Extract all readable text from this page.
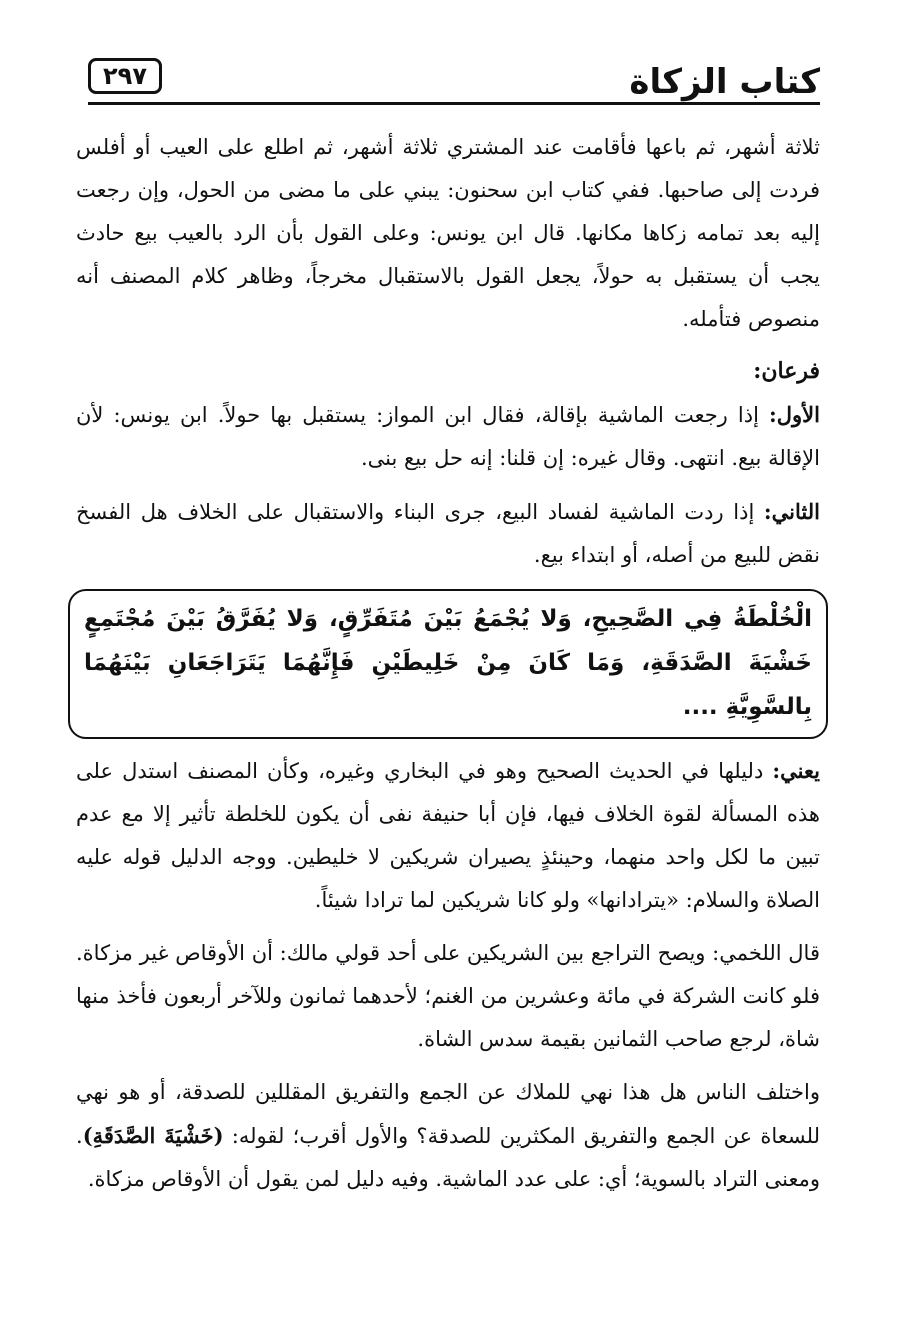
كتاب الزكاة
٢٩٧

ثلاثة أشهر، ثم باعها فأقامت عند المشتري ثلاثة أشهر، ثم اطلع على العيب أو أفلس فردت إلى صاحبها. ففي كتاب ابن سحنون: يبني على ما مضى من الحول، وإن رجعت إليه بعد تمامه زكاها مكانها. قال ابن يونس: وعلى القول بأن الرد بالعيب بيع حادث يجب أن يستقبل به حولاً، يجعل القول بالاستقبال مخرجاً، وظاهر كلام المصنف أنه منصوص فتأمله.

فرعان:

الأول: إذا رجعت الماشية بإقالة، فقال ابن المواز: يستقبل بها حولاً. ابن يونس: لأن الإقالة بيع. انتهى. وقال غيره: إن قلنا: إنه حل بيع بنى.

الثاني: إذا ردت الماشية لفساد البيع، جرى البناء والاستقبال على الخلاف هل الفسخ نقض للبيع من أصله، أو ابتداء بيع.

الْخُلْطَةُ فِي الصَّحِيحِ، وَلا يُجْمَعُ بَيْنَ مُتَفَرِّقٍ، وَلا يُفَرَّقُ بَيْنَ مُجْتَمِعٍ خَشْيَةَ الصَّدَقَةِ، وَمَا كَانَ مِنْ خَلِيطَيْنِ فَإِنَّهُمَا يَتَرَاجَعَانِ بَيْنَهُمَا بِالسَّوِيَّةِ ....

يعني: دليلها في الحديث الصحيح وهو في البخاري وغيره، وكأن المصنف استدل على هذه المسألة لقوة الخلاف فيها، فإن أبا حنيفة نفى أن يكون للخلطة تأثير إلا مع عدم تبين ما لكل واحد منهما، وحينئذٍ يصيران شريكين لا خليطين. ووجه الدليل قوله عليه الصلاة والسلام: «يترادانها» ولو كانا شريكين لما ترادا شيئاً.

قال اللخمي: ويصح التراجع بين الشريكين على أحد قولي مالك: أن الأوقاص غير مزكاة. فلو كانت الشركة في مائة وعشرين من الغنم؛ لأحدهما ثمانون وللآخر أربعون فأخذ منها شاة، لرجع صاحب الثمانين بقيمة سدس الشاة.

واختلف الناس هل هذا نهي للملاك عن الجمع والتفريق المقللين للصدقة، أو هو نهي للسعاة عن الجمع والتفريق المكثرين للصدقة؟ والأول أقرب؛ لقوله: (خَشْيَةَ الصَّدَقَةِ). ومعنى التراد بالسوية؛ أي: على عدد الماشية. وفيه دليل لمن يقول أن الأوقاص مزكاة.
